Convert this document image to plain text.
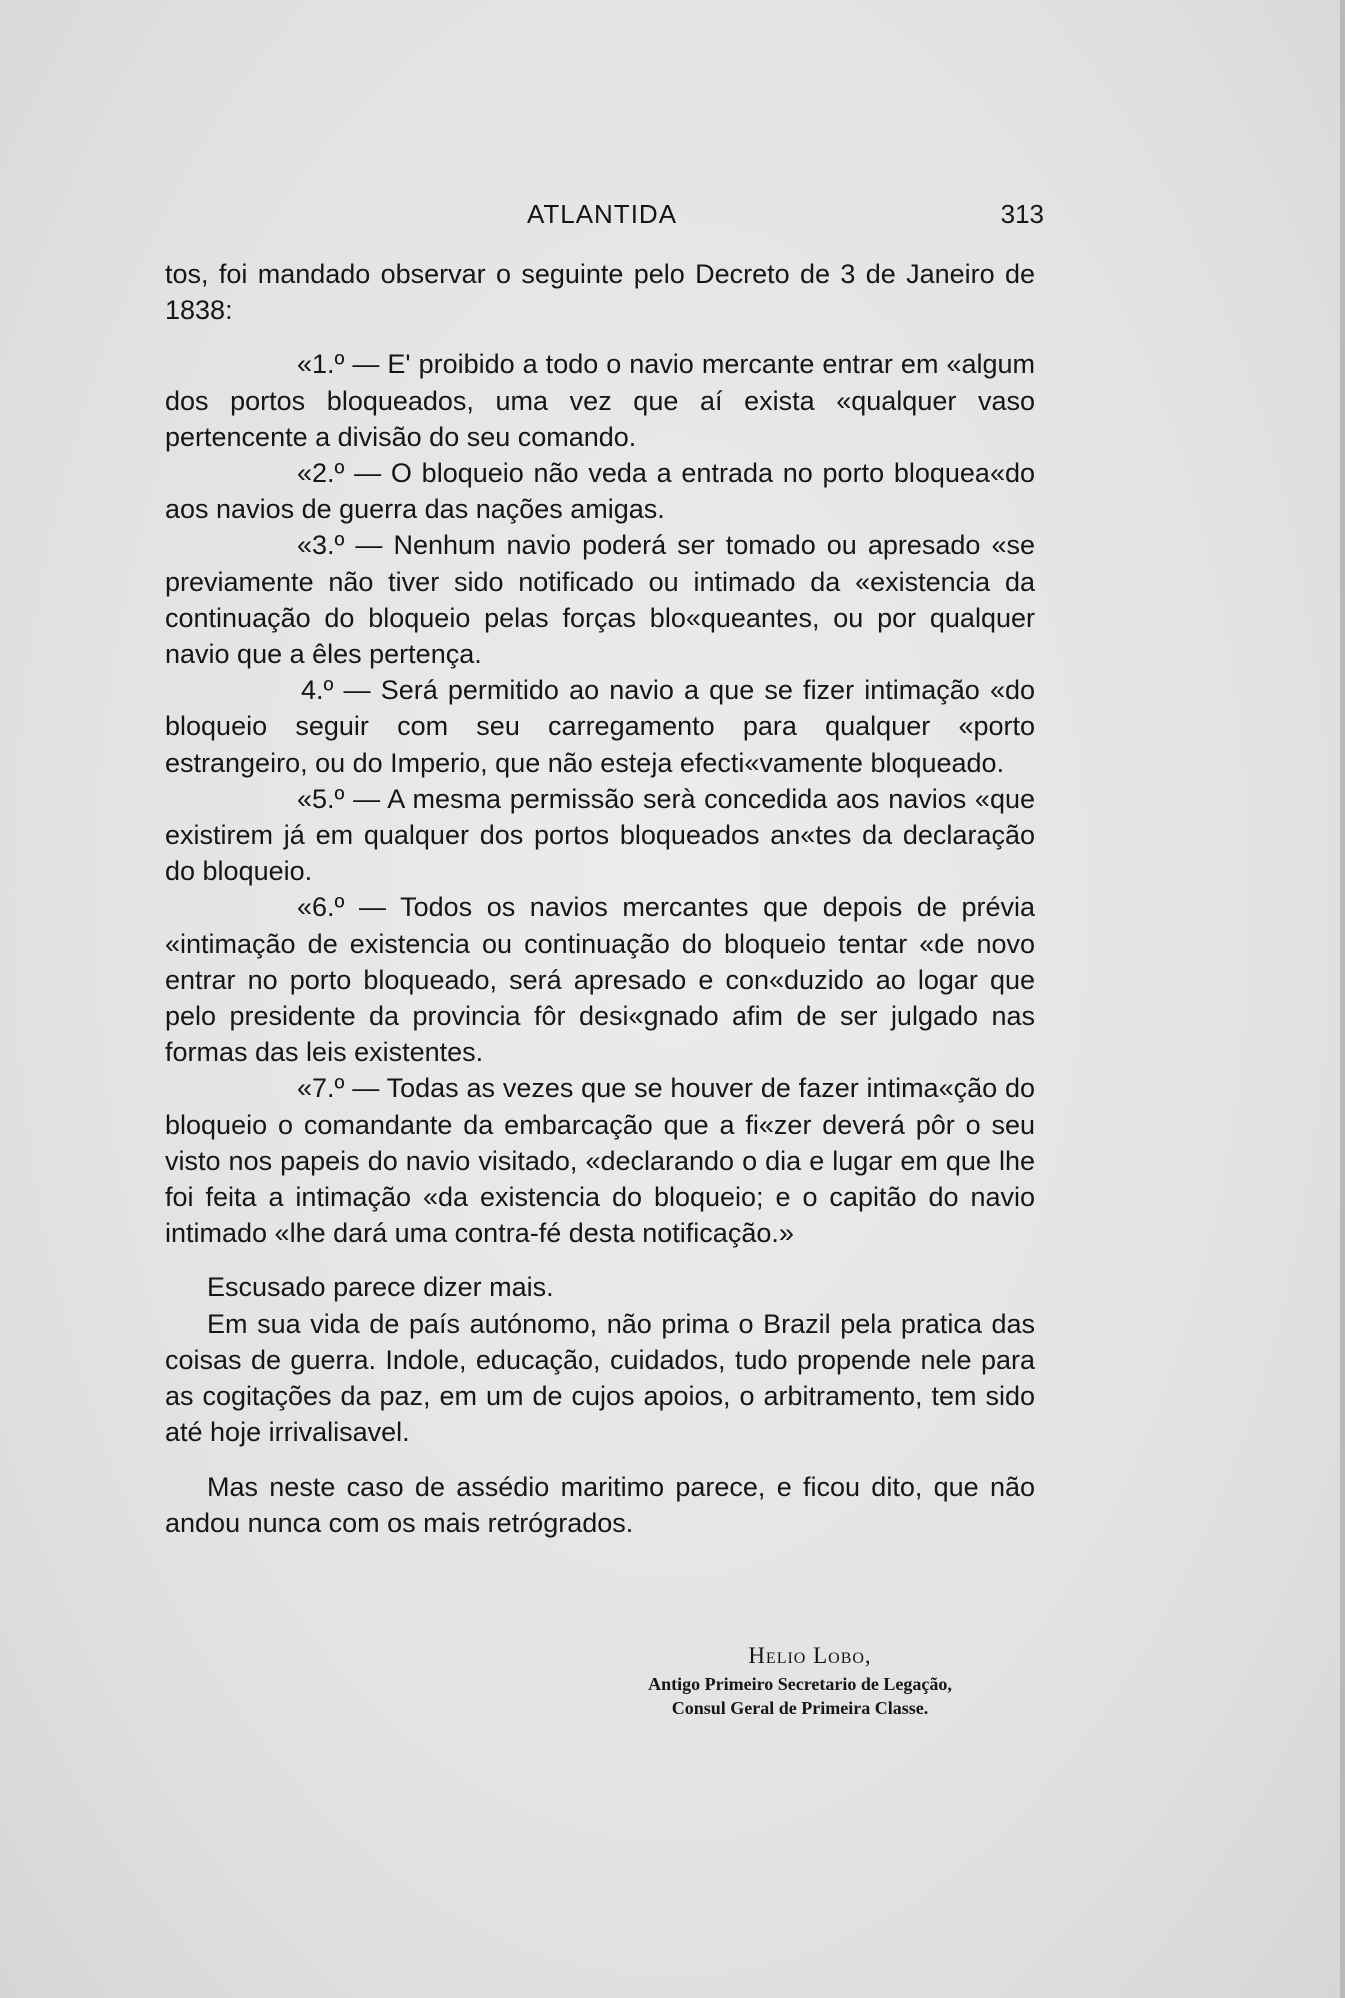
ATLANTIDA	313

tos, foi mandado observar o seguinte pelo Decreto de 3 de Janeiro de 1838:

«1.º — E' proibido a todo o navio mercante entrar em «algum dos portos bloqueados, uma vez que aí exista «qualquer vaso pertencente a divisão do seu comando.

«2.º — O bloqueio não veda a entrada no porto bloquea«do aos navios de guerra das nações amigas.

«3.º — Nenhum navio poderá ser tomado ou apresado «se previamente não tiver sido notificado ou intimado da «existencia da continuação do bloqueio pelas forças blo«queantes, ou por qualquer navio que a êles pertença.

4.º — Será permitido ao navio a que se fizer intimação «do bloqueio seguir com seu carregamento para qualquer «porto estrangeiro, ou do Imperio, que não esteja efecti«vamente bloqueado.

«5.º — A mesma permissão serà concedida aos navios «que existirem já em qualquer dos portos bloqueados an«tes da declaração do bloqueio.

«6.º — Todos os navios mercantes que depois de prévia «intimação de existencia ou continuação do bloqueio tentar «de novo entrar no porto bloqueado, será apresado e con«duzido ao logar que pelo presidente da provincia fôr desi«gnado afim de ser julgado nas formas das leis existentes.

«7.º — Todas as vezes que se houver de fazer intima«ção do bloqueio o comandante da embarcação que a fi«zer deverá pôr o seu visto nos papeis do navio visitado, «declarando o dia e lugar em que lhe foi feita a intimação «da existencia do bloqueio; e o capitão do navio intimado «lhe dará uma contra-fé desta notificação.»

Escusado parece dizer mais.

Em sua vida de país autónomo, não prima o Brazil pela pratica das coisas de guerra. Indole, educação, cuidados, tudo propende nele para as cogitações da paz, em um de cujos apoios, o arbitramento, tem sido até hoje irrivalisavel.

Mas neste caso de assédio maritimo parece, e ficou dito, que não andou nunca com os mais retrógrados.

Helio Lobo,
Antigo Primeiro Secretario de Legação,
Consul Geral de Primeira Classe.
